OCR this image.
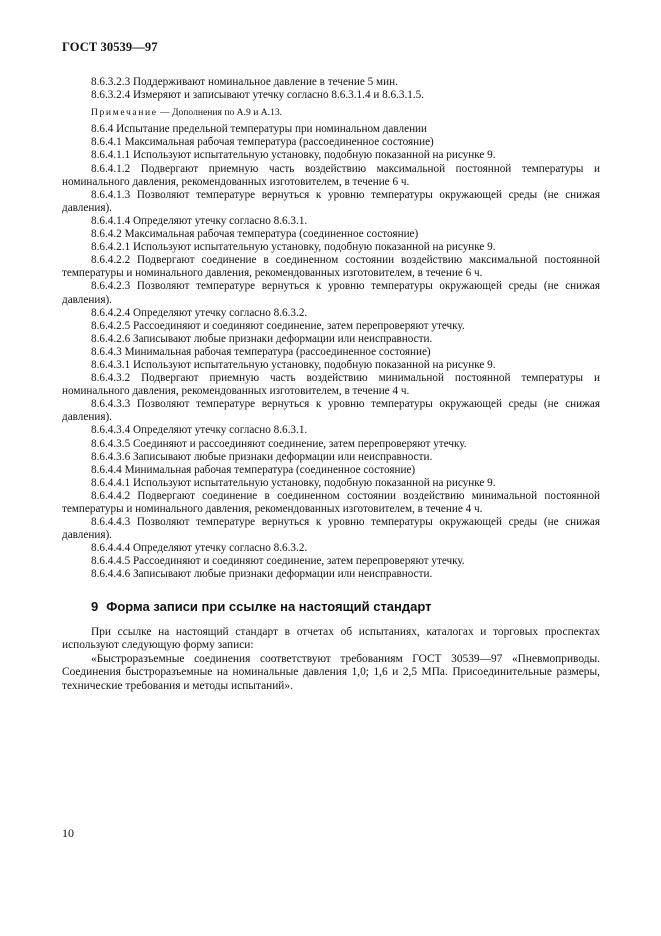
ГОСТ 30539—97

8.6.3.2.3 Поддерживают номинальное давление в течение 5 мин.

8.6.3.2.4 Измеряют и записывают утечку согласно 8.6.3.1.4 и 8.6.3.1.5.

Примечание — Дополнения по А.9 и А.13.

8.6.4 Испытание предельной температуры при номинальном давлении

8.6.4.1 Максимальная рабочая температура (рассоединенное состояние)

8.6.4.1.1 Используют испытательную установку, подобную показанной на рисунке 9.

8.6.4.1.2 Подвергают приемную часть воздействию максимальной постоянной температуры и номинального давления, рекомендованных изготовителем, в течение 6 ч.

8.6.4.1.3 Позволяют температуре вернуться к уровню температуры окружающей среды (не снижая давления).

8.6.4.1.4 Определяют утечку согласно 8.6.3.1.

8.6.4.2 Максимальная рабочая температура (соединенное состояние)

8.6.4.2.1 Используют испытательную установку, подобную показанной на рисунке 9.

8.6.4.2.2 Подвергают соединение в соединенном состоянии воздействию максимальной постоянной температуры и номинального давления, рекомендованных изготовителем, в течение 6 ч.

8.6.4.2.3 Позволяют температуре вернуться к уровню температуры окружающей среды (не снижая давления).

8.6.4.2.4 Определяют утечку согласно 8.6.3.2.

8.6.4.2.5 Рассоединяют и соединяют соединение, затем перепроверяют утечку.

8.6.4.2.6 Записывают любые признаки деформации или неисправности.

8.6.4.3 Минимальная рабочая температура (рассоединенное состояние)

8.6.4.3.1 Используют испытательную установку, подобную показанной на рисунке 9.

8.6.4.3.2 Подвергают приемную часть воздействию минимальной постоянной температуры и номинального давления, рекомендованных изготовителем, в течение 4 ч.

8.6.4.3.3 Позволяют температуре вернуться к уровню температуры окружающей среды (не снижая давления).

8.6.4.3.4 Определяют утечку согласно 8.6.3.1.

8.6.4.3.5 Соединяют и рассоединяют соединение, затем перепроверяют утечку.

8.6.4.3.6 Записывают любые признаки деформации или неисправности.

8.6.4.4 Минимальная рабочая температура (соединенное состояние)

8.6.4.4.1 Используют испытательную установку, подобную показанной на рисунке 9.

8.6.4.4.2 Подвергают соединение в соединенном состоянии воздействию минимальной постоянной температуры и номинального давления, рекомендованных изготовителем, в течение 4 ч.

8.6.4.4.3 Позволяют температуре вернуться к уровню температуры окружающей среды (не снижая давления).

8.6.4.4.4 Определяют утечку согласно 8.6.3.2.

8.6.4.4.5 Рассоединяют и соединяют соединение, затем перепроверяют утечку.

8.6.4.4.6 Записывают любые признаки деформации или неисправности.

9 Форма записи при ссылке на настоящий стандарт

При ссылке на настоящий стандарт в отчетах об испытаниях, каталогах и торговых проспектах используют следующую форму записи:

«Быстроразъемные соединения соответствуют требованиям ГОСТ 30539—97 «Пневмоприводы. Соединения быстроразъемные на номинальные давления 1,0; 1,6 и 2,5 МПа. Присоединительные размеры, технические требования и методы испытаний».

10
